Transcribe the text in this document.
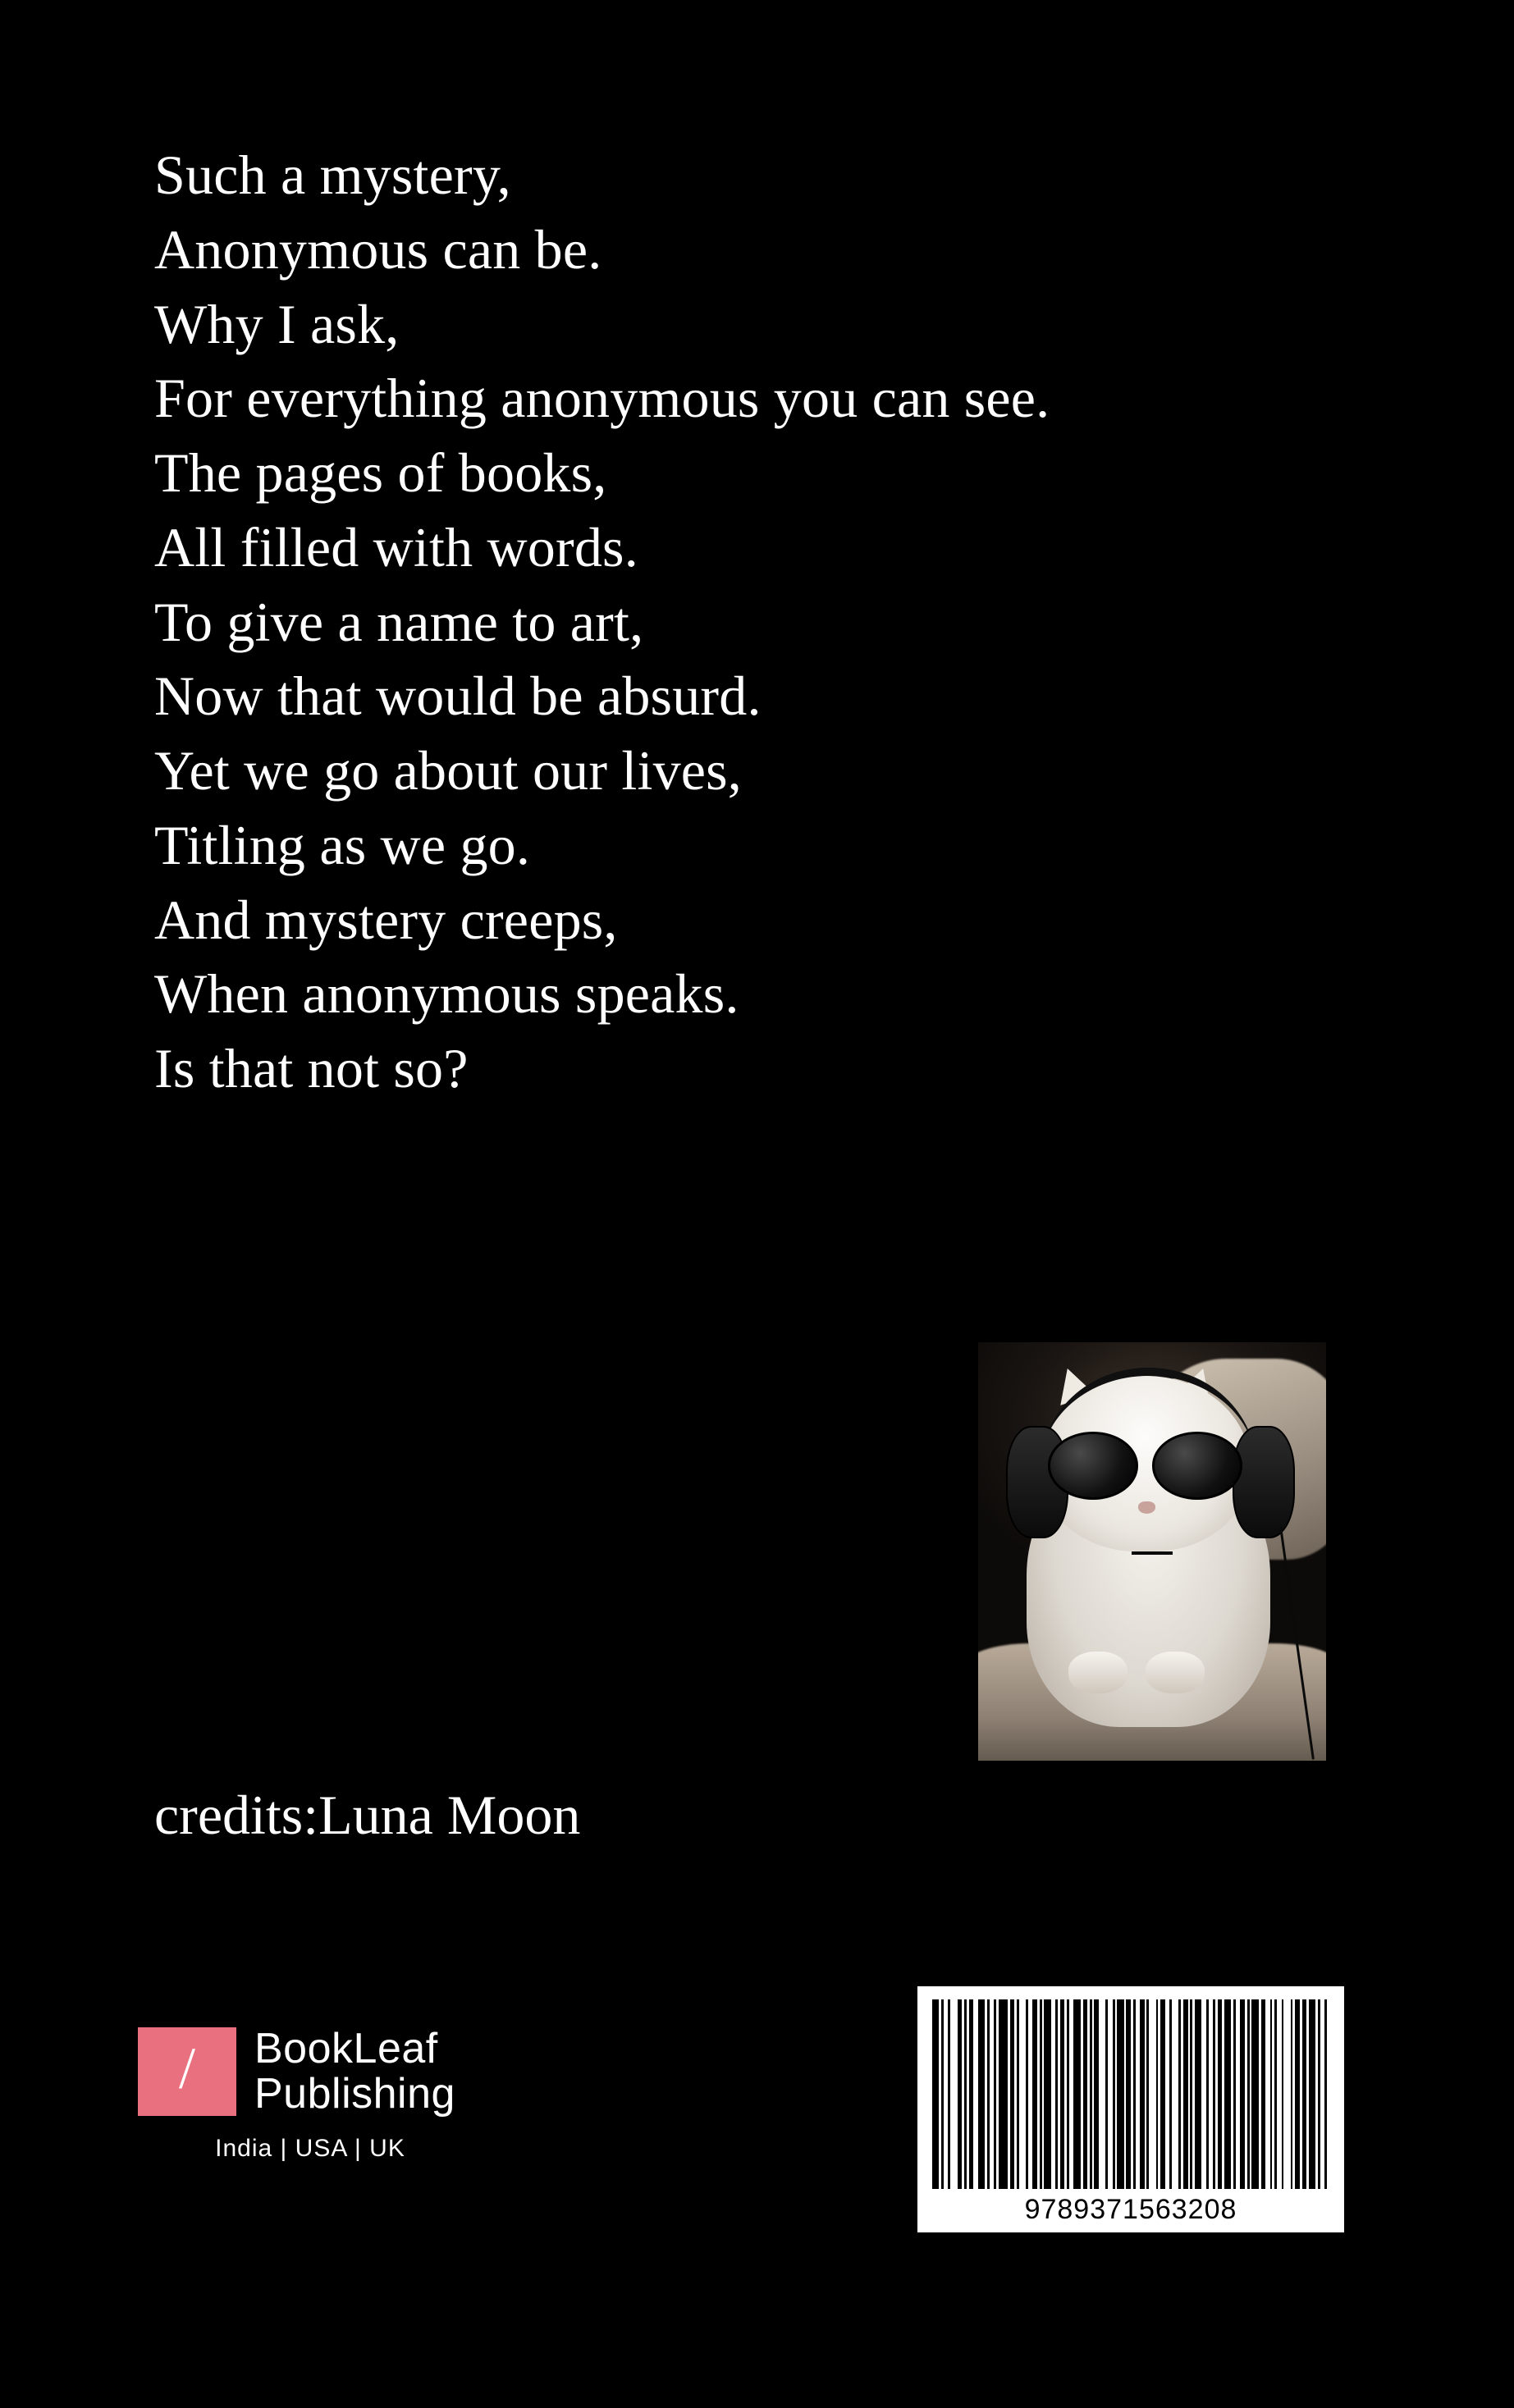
Such a mystery,
Anonymous can be.
Why I ask,
For everything anonymous you can see.
The pages of books,
All filled with words.
To give a name to art,
Now that would be absurd.
Yet we go about our lives,
Titling as we go.
And mystery creeps,
When anonymous speaks.
Is that not so?
credits:Luna Moon
/ BookLeaf
Publishing
India | USA | UK
9789371563208
